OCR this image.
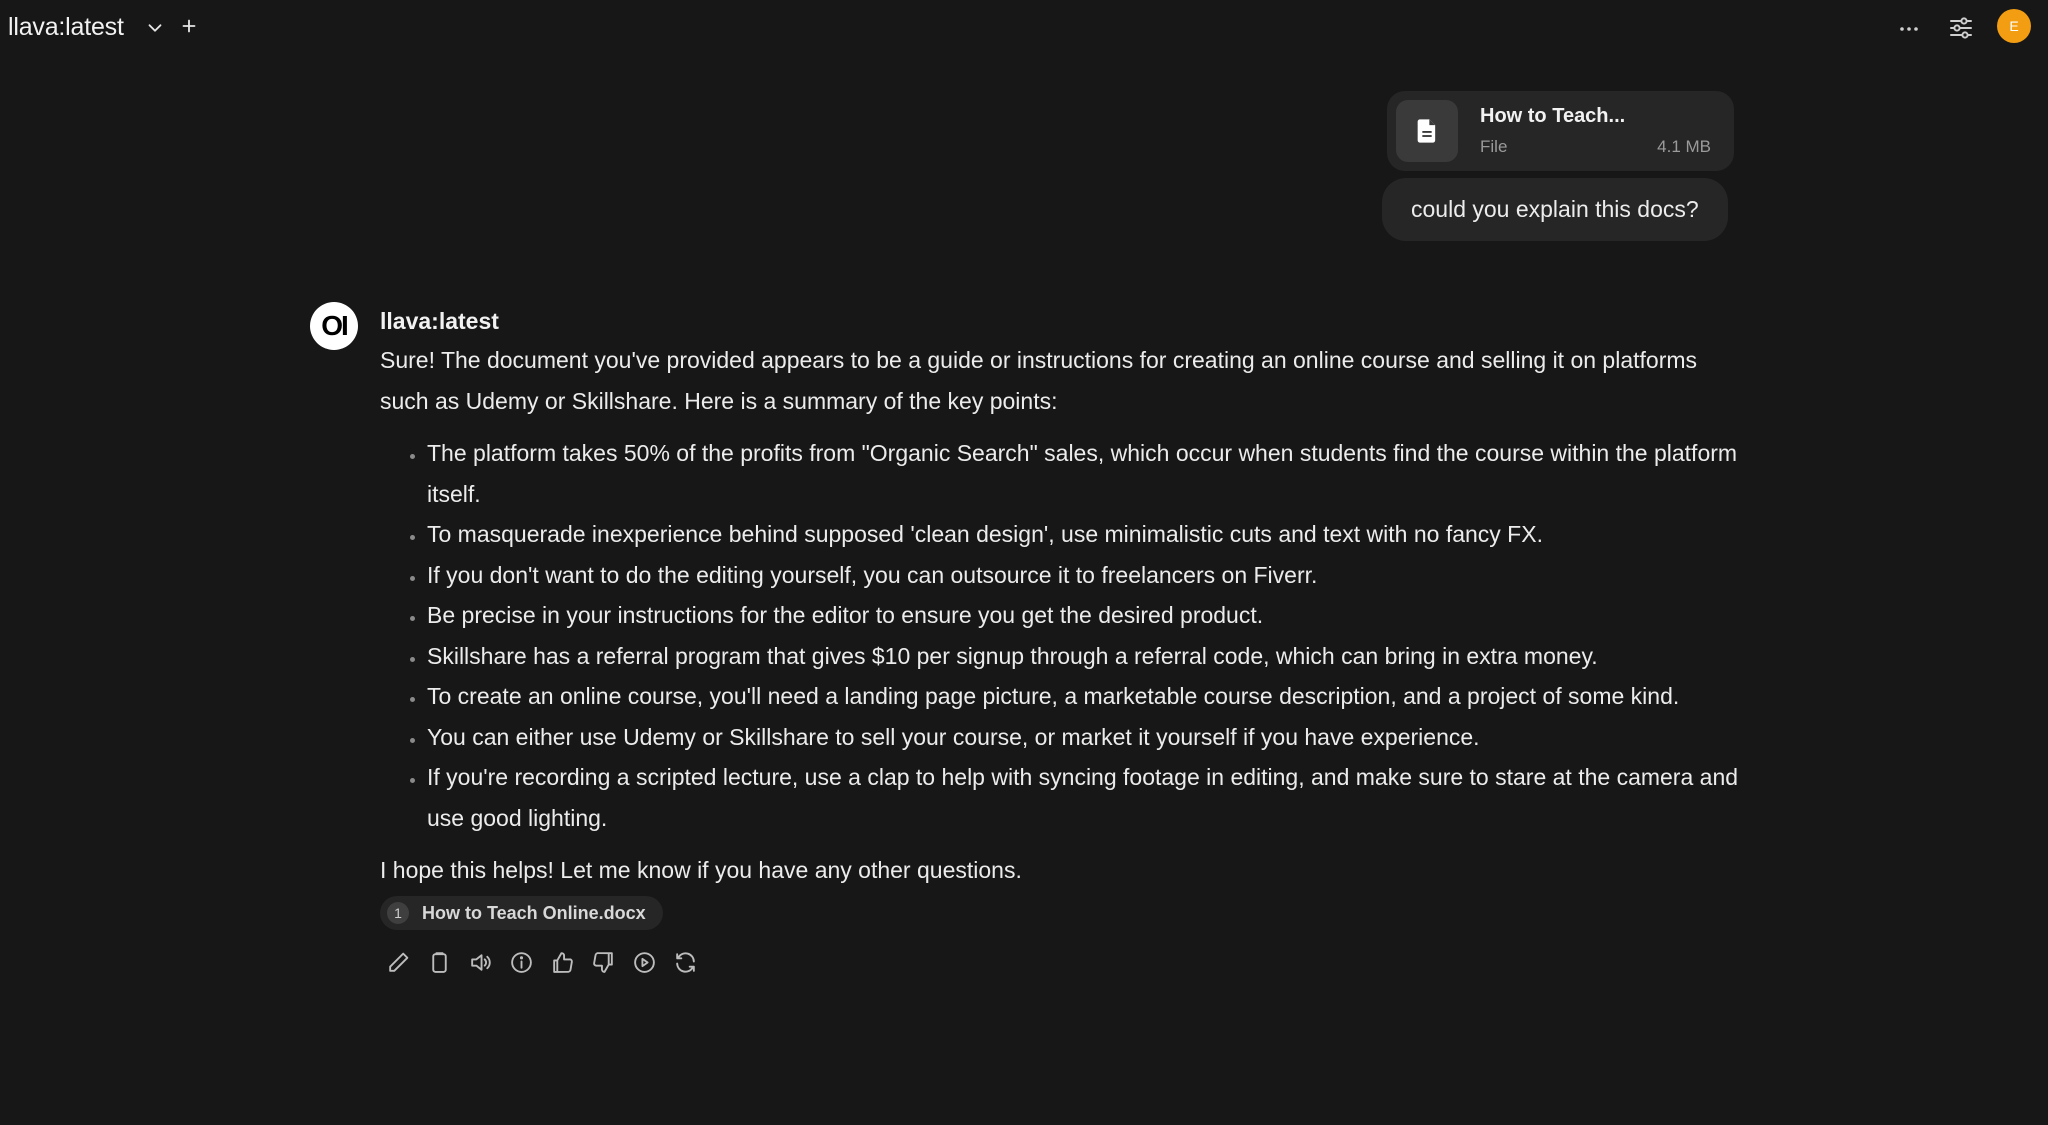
llava:latest	E
How to Teach...
File	4.1 MB
could you explain this docs?
OI	llava:latest

Sure! The document you've provided appears to be a guide or instructions for creating an online course and selling it on platforms such as Udemy or Skillshare. Here is a summary of the key points:

• The platform takes 50% of the profits from "Organic Search" sales, which occur when students find the course within the platform itself.
• To masquerade inexperience behind supposed 'clean design', use minimalistic cuts and text with no fancy FX.
• If you don't want to do the editing yourself, you can outsource it to freelancers on Fiverr.
• Be precise in your instructions for the editor to ensure you get the desired product.
• Skillshare has a referral program that gives $10 per signup through a referral code, which can bring in extra money.
• To create an online course, you'll need a landing page picture, a marketable course description, and a project of some kind.
• You can either use Udemy or Skillshare to sell your course, or market it yourself if you have experience.
• If you're recording a scripted lecture, use a clap to help with syncing footage in editing, and make sure to stare at the camera and use good lighting.

I hope this helps! Let me know if you have any other questions.

1	How to Teach Online.docx
